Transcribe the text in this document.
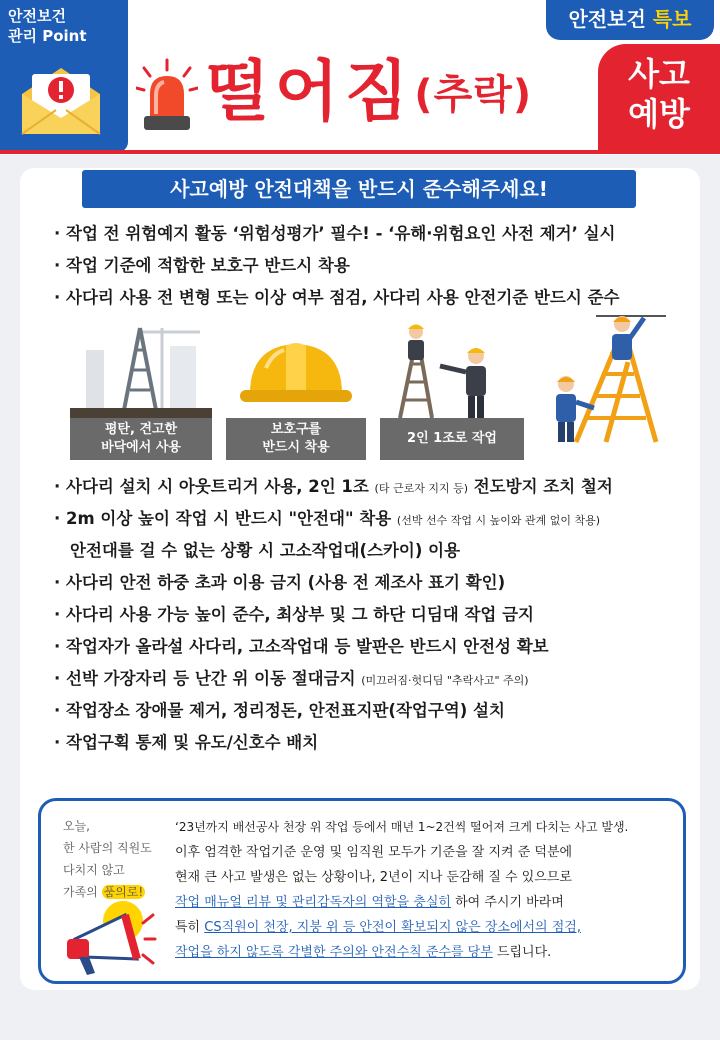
안전보건
관리 Point
안전보건 특보
떨어짐(추락)	사고
예방
사고예방 안전대책을 반드시 준수해주세요!
· 작업 전 위험예지 활동 ‘위험성평가’ 필수! - ‘유해·위험요인 사전 제거’ 실시
· 작업 기준에 적합한 보호구 반드시 착용
· 사다리 사용 전 변형 또는 이상 여부 점검, 사다리 사용 안전기준 반드시 준수
평탄, 견고한
바닥에서 사용
보호구를
반드시 착용
2인 1조로 작업
· 사다리 설치 시 아웃트리거 사용, 2인 1조 (타 근로자 지지 등) 전도방지 조치 철저
· 2m 이상 높이 작업 시 반드시 "안전대" 착용 (선박 선수 작업 시 높이와 관계 없이 착용)
안전대를 걸 수 없는 상황 시 고소작업대(스카이) 이용
· 사다리 안전 하중 초과 이용 금지 (사용 전 제조사 표기 확인)
· 사다리 사용 가능 높이 준수, 최상부 및 그 하단 디딤대 작업 금지
· 작업자가 올라설 사다리, 고소작업대 등 발판은 반드시 안전성 확보
· 선박 가장자리 등 난간 위 이동 절대금지 (미끄러짐·헛디딤 "추락사고" 주의)
· 작업장소 장애물 제거, 정리정돈, 안전표지판(작업구역) 설치
· 작업구획 통제 및 유도/신호수 배치
오늘,
한 사람의 직원도
다치지 않고
가족의 품의로!
‘23년까지 배선공사 천장 위 작업 등에서 매년 1~2건씩 떨어져 크게 다치는 사고 발생.
이후 엄격한 작업기준 운영 및 임직원 모두가 기준을 잘 지켜 준 덕분에
현재 큰 사고 발생은 없는 상황이나, 2년이 지나 둔감해 질 수 있으므로
작업 매뉴얼 리뷰 및 관리감독자의 역할을 충실히 하여 주시기 바라며
특히 CS직원이 천장, 지붕 위 등 안전이 확보되지 않은 장소에서의 점검,
작업을 하지 않도록 각별한 주의와 안전수칙 준수를 당부 드립니다.
